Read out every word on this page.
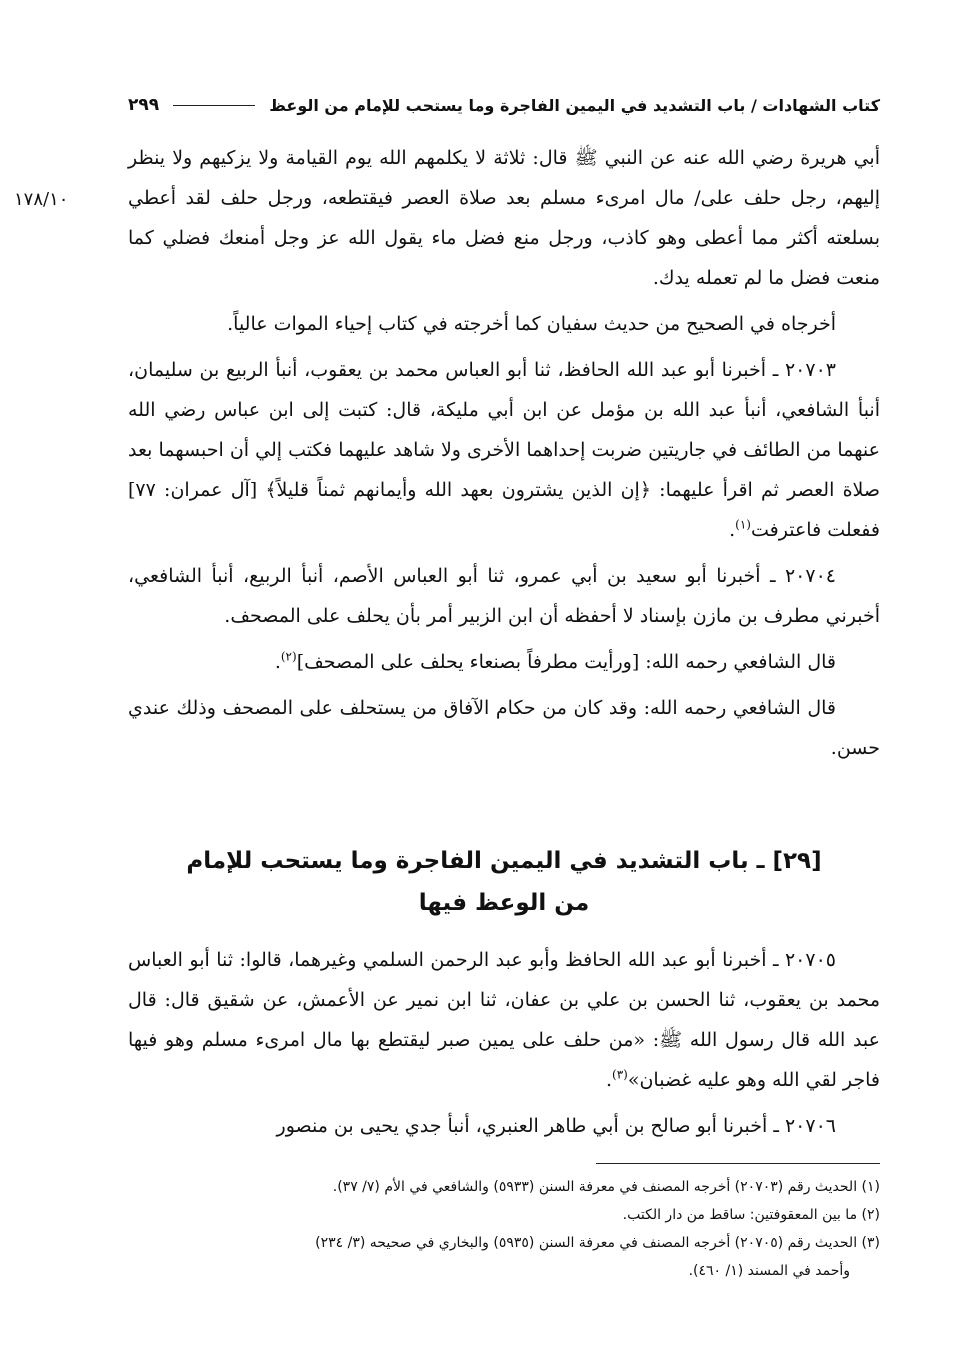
كتاب الشهادات / باب التشديد في اليمين الفاجرة وما يستحب للإمام من الوعظ
٢٩٩
١٧٨/١٠

أبي هريرة رضي الله عنه عن النبي ﷺ قال: ثلاثة لا يكلمهم الله يوم القيامة ولا يزكيهم ولا ينظر إليهم، رجل حلف على/ مال امرىء مسلم بعد صلاة العصر فيقتطعه، ورجل حلف لقد أعطي بسلعته أكثر مما أعطى وهو كاذب، ورجل منع فضل ماء يقول الله عز وجل أمنعك فضلي كما منعت فضل ما لم تعمله يدك.

أخرجاه في الصحيح من حديث سفيان كما أخرجته في كتاب إحياء الموات عالياً.

٢٠٧٠٣ ـ أخبرنا أبو عبد الله الحافظ، ثنا أبو العباس محمد بن يعقوب، أنبأ الربيع بن سليمان، أنبأ الشافعي، أنبأ عبد الله بن مؤمل عن ابن أبي مليكة، قال: كتبت إلى ابن عباس رضي الله عنهما من الطائف في جاريتين ضربت إحداهما الأخرى ولا شاهد عليهما فكتب إلي أن احبسهما بعد صلاة العصر ثم اقرأ عليهما: ﴿إن الذين يشترون بعهد الله وأيمانهم ثمناً قليلاً﴾ [آل عمران: ٧٧] ففعلت فاعترفت$^{(١)}$.

٢٠٧٠٤ ـ أخبرنا أبو سعيد بن أبي عمرو، ثنا أبو العباس الأصم، أنبأ الربيع، أنبأ الشافعي، أخبرني مطرف بن مازن بإسناد لا أحفظه أن ابن الزبير أمر بأن يحلف على المصحف.

قال الشافعي رحمه الله: [ورأيت مطرفاً بصنعاء يحلف على المصحف]$^{(٢)}$.

قال الشافعي رحمه الله: وقد كان من حكام الآفاق من يستحلف على المصحف وذلك عندي حسن.

[٢٩] ـ باب التشديد في اليمين الفاجرة وما يستحب للإمام
من الوعظ فيها

٢٠٧٠٥ ـ أخبرنا أبو عبد الله الحافظ وأبو عبد الرحمن السلمي وغيرهما، قالوا: ثنا أبو العباس محمد بن يعقوب، ثنا الحسن بن علي بن عفان، ثنا ابن نمير عن الأعمش، عن شقيق قال: قال عبد الله قال رسول الله ﷺ: «من حلف على يمين صبر ليقتطع بها مال امرىء مسلم وهو فيها فاجر لقي الله وهو عليه غضبان»$^{(٣)}$.

٢٠٧٠٦ ـ أخبرنا أبو صالح بن أبي طاهر العنبري، أنبأ جدي يحيى بن منصور

(١) الحديث رقم (٢٠٧٠٣) أخرجه المصنف في معرفة السنن (٥٩٣٣) والشافعي في الأم (٧/ ٣٧).
(٢) ما بين المعقوفتين: ساقط من دار الكتب.
(٣) الحديث رقم (٢٠٧٠٥) أخرجه المصنف في معرفة السنن (٥٩٣٥) والبخاري في صحيحه (٣/ ٢٣٤)
وأحمد في المسند (١/ ٤٦٠).
